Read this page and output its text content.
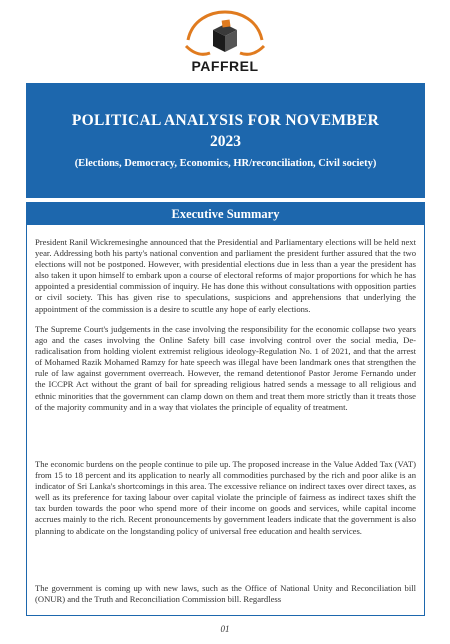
PAFFREL
POLITICAL ANALYSIS FOR NOVEMBER
2023
(Elections, Democracy, Economics, HR/reconciliation, Civil society)
Executive Summary

President Ranil Wickremesinghe announced that the Presidential and Parliamentary elections will be held next year. Addressing both his party's national convention and parliament the president further assured that the two elections will not be postponed. However, with presidential elections due in less than a year the president has also taken it upon himself to embark upon a course of electoral reforms of major proportions for which he has appointed a presidential commission of inquiry. He has done this without consultations with opposition parties or civil society. This has given rise to speculations, suspicions and apprehensions that underlying the appointment of the commission is a desire to scuttle any hope of early elections.

The Supreme Court's judgements in the case involving the responsibility for the economic collapse two years ago and the cases involving the Online Safety bill case involving control over the social media, De-radicalisation from holding violent extremist religious ideology-Regulation No. 1 of 2021, and that the arrest of Mohamed Razik Mohamed Ramzy for hate speech was illegal have been landmark ones that strengthen the rule of law against government overreach. However, the remand detentionof Pastor Jerome Fernando under the ICCPR Act without the grant of bail for spreading religious hatred sends a message to all religious and ethnic minorities that the government can clamp down on them and treat them more strictly than it treats those of the majority community and in a way that violates the principle of equality of treatment.

The economic burdens on the people continue to pile up. The proposed increase in the Value Added Tax (VAT) from 15 to 18 percent and its application to nearly all commodities purchased by the rich and poor alike is an indicator of Sri Lanka's shortcomings in this area. The excessive reliance on indirect taxes over direct taxes, as well as its preference for taxing labour over capital violate the principle of fairness as indirect taxes shift the tax burden towards the poor who spend more of their income on goods and services, while capital income accrues mainly to the rich. Recent pronouncements by government leaders indicate that the government is also planning to abdicate on the longstanding policy of universal free education and health services.

The government is coming up with new laws, such as the Office of National Unity and Reconciliation bill (ONUR) and the Truth and Reconciliation Commission bill. Regardless

01
